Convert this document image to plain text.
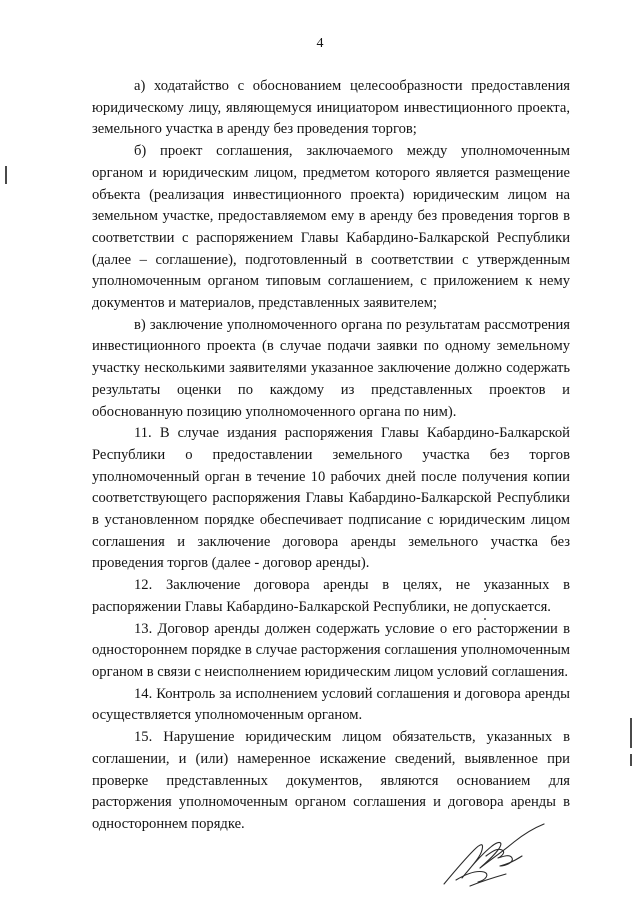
4

а) ходатайство с обоснованием целесообразности предоставления юридическому лицу, являющемуся инициатором инвестиционного проекта, земельного участка в аренду без проведения торгов;

б) проект соглашения, заключаемого между уполномоченным органом и юридическим лицом, предметом которого является размещение объекта (реализация инвестиционного проекта) юридическим лицом на земельном участке, предоставляемом ему в аренду без проведения торгов в соответствии с распоряжением Главы Кабардино-Балкарской Республики (далее – соглашение), подготовленный в соответствии с утвержденным уполномоченным органом типовым соглашением, с приложением к нему документов и материалов, представленных заявителем;

в) заключение уполномоченного органа по результатам рассмотрения инвестиционного проекта (в случае подачи заявки по одному земельному участку несколькими заявителями указанное заключение должно содержать результаты оценки по каждому из представленных проектов и обоснованную позицию уполномоченного органа по ним).

11. В случае издания распоряжения Главы Кабардино-Балкарской Республики о предоставлении земельного участка без торгов уполномоченный орган в течение 10 рабочих дней после получения копии соответствующего распоряжения Главы Кабардино-Балкарской Республики в установленном порядке обеспечивает подписание с юридическим лицом соглашения и заключение договора аренды земельного участка без проведения торгов (далее - договор аренды).

12. Заключение договора аренды в целях, не указанных в распоряжении Главы Кабардино-Балкарской Республики, не допускается.

13. Договор аренды должен содержать условие о его расторжении в одностороннем порядке в случае расторжения соглашения уполномоченным органом в связи с неисполнением юридическим лицом условий соглашения.

14. Контроль за исполнением условий соглашения и договора аренды осуществляется уполномоченным органом.

15. Нарушение юридическим лицом обязательств, указанных в соглашении, и (или) намеренное искажение сведений, выявленное при проверке представленных документов, являются основанием для расторжения уполномоченным органом соглашения и договора аренды в одностороннем порядке.
